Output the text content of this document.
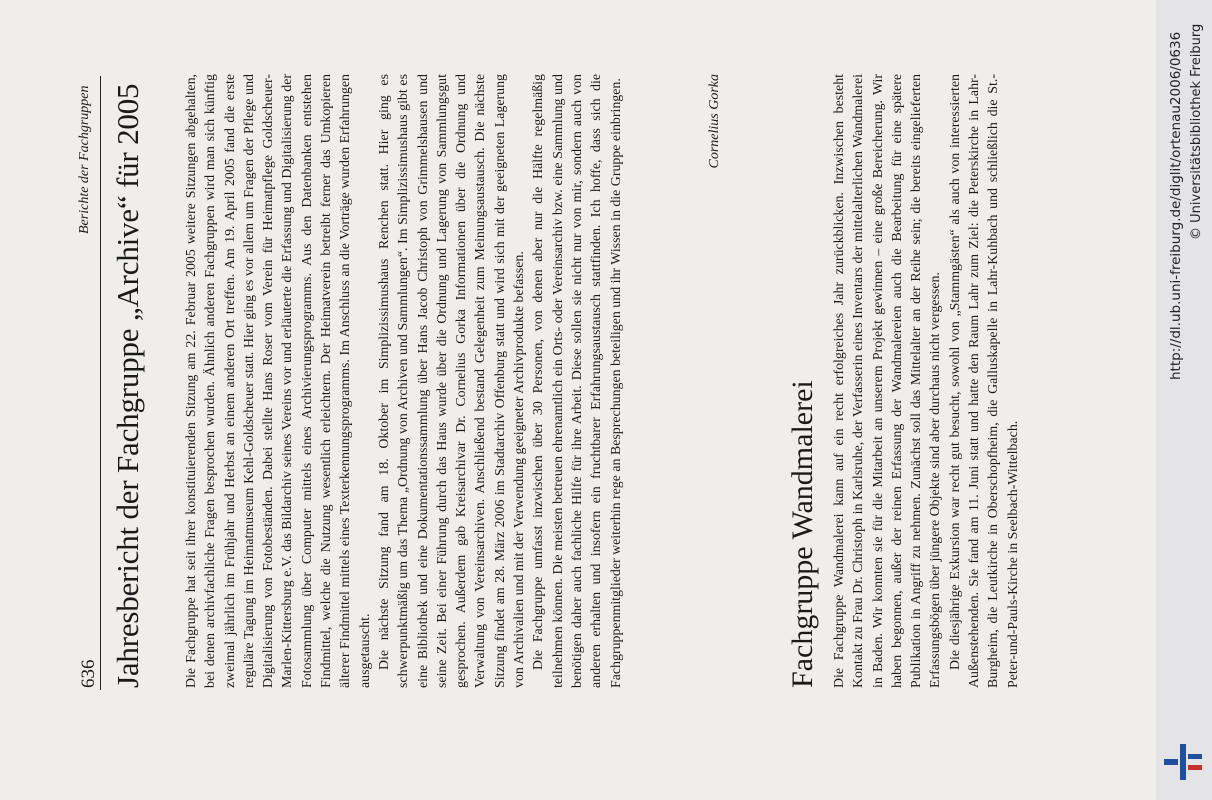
636
Berichte der Fachgruppen Jahresbericht der Fachgruppe „Archive“ für 2005	Die Fachgruppe hat seit ihrer konstituierenden Sitzung am 22. Februar 2005 weitere Sitzungen abgehalten, bei denen archivfachliche Fragen besprochen wurden. Ähnlich anderen Fachgruppen wird man sich künftig zweimal jährlich im Frühjahr und Herbst an einem anderen Ort treffen. Am 19. April 2005 fand die erste reguläre Tagung im Heimatmuseum Kehl-Goldscheuer statt. Hier ging es vor allem um Fragen der Pflege und Digitalisierung von Fotobeständen. Dabei stellte Hans Roser vom Verein für Heimatpflege Goldscheuer-Marlen-Kittersburg e.V. das Bildarchiv seines Vereins vor und erläuterte die Erfassung und Digitalisierung der Fotosammlung über Computer mittels eines Archivierungsprogramms. Aus den Datenbanken entstehen Findmittel, welche die Nutzung wesentlich erleichtern. Der Heimatverein betreibt ferner das Umkopieren älterer Findmittel mittels eines Texterkennungsprogramms. Im Anschluss an die Vorträge wurden Erfahrungen ausgetauscht. Die nächste Sitzung fand am 18. Oktober im Simplizissimushaus Renchen statt. Hier ging es schwerpunktmäßig um das Thema „Ordnung von Archiven und Sammlungen“. Im Simplizissimushaus gibt es eine Bibliothek und eine Dokumentationssammlung über Hans Jacob Christoph von Grimmelshausen und seine Zeit. Bei einer Führung durch das Haus wurde über die Ordnung und Lagerung von Sammlungsgut gesprochen. Außerdem gab Kreisarchivar Dr. Cornelius Gorka Informationen über die Ordnung und Verwaltung von Vereinsarchiven. Anschließend bestand Gelegenheit zum Meinungsaustausch. Die nächste Sitzung findet am 28. März 2006 im Stadtarchiv Offenburg statt und wird sich mit der geeigneten Lagerung von Archivalien und mit der Verwendung geeigneter Archivprodukte befassen. Die Fachgruppe umfasst inzwischen über 30 Personen, von denen aber nur die Hälfte regelmäßig teilnehmen können. Die meisten betreuen ehrenamtlich ein Orts- oder Vereinsarchiv bzw. eine Sammlung und benötigen daher auch fachliche Hilfe für ihre Arbeit. Diese sollen sie nicht nur von mir, sondern auch von anderen erhalten und insofern ein fruchtbarer Erfahrungsaustausch stattfinden. Ich hoffe, dass sich die Fachgruppenmitglieder weiterhin rege an Besprechungen beteiligen und ihr Wissen in die Gruppe einbringen.	Cornelius Gorka
Fachgruppe Wandmalerei Die Fachgruppe Wandmalerei kann auf ein recht erfolgreiches Jahr zurückblicken. Inzwischen besteht Kontakt zu Frau Dr. Christoph in Karlsruhe, der Verfasserin eines Inventars der mittelalterlichen Wandmalerei in Baden. Wir konnten sie für die Mitarbeit an unserem Projekt gewinnen – eine große Bereicherung. Wir haben begonnen, außer der reinen Erfassung der Wandmalereien auch die Bearbeitung für eine spätere Publikation in Angriff zu nehmen. Zunächst soll das Mittelalter an der Reihe sein; die bereits eingelieferten Erfassungsbögen über jüngere Objekte sind aber durchaus nicht vergessen. Die diesjährige Exkursion war recht gut besucht, sowohl von „Stammgästen“ als auch von interessierten Außenstehenden. Sie fand am 11. Juni statt und hatte den Raum Lahr zum Ziel: die Peterskirche in Lahr-Burgheim, die Leutkirche in Oberschopfheim, die Galluskapelle in Lahr-Kuhbach und schließlich die St.-Peter-und-Pauls-Kirche in Seelbach-Wittelbach.

http://dl.ub.uni-freiburg.de/diglit/ortenau2006/0636 © Universitätsbibliothek Freiburg
